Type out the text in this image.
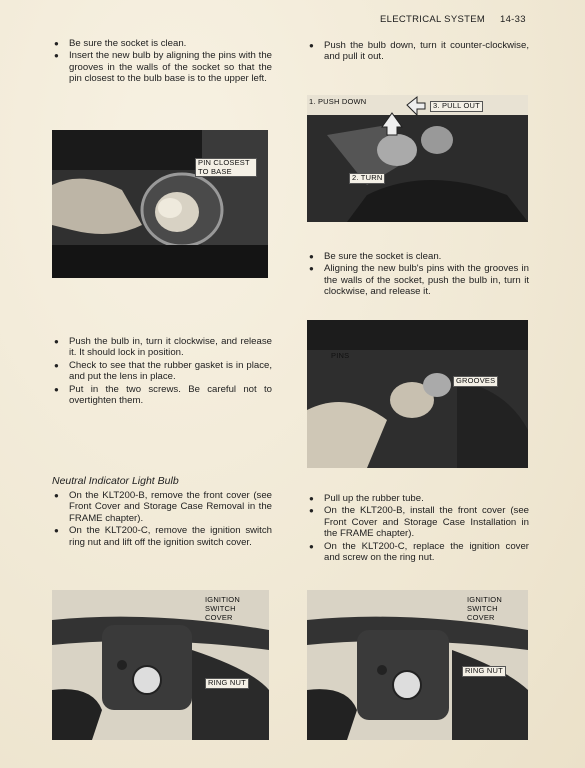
ELECTRICAL SYSTEM 14-33
● Be sure the socket is clean.
● Insert the new bulb by aligning the pins with the grooves in the walls of the socket so that the pin closest to the bulb base is to the upper left.
● Push the bulb down, turn it counter-clockwise, and pull it out.
PIN CLOSEST TO BASE
1. PUSH DOWN	3. PULL OUT
2. TURN
● Be sure the socket is clean.
● Aligning the new bulb's pins with the grooves in the walls of the socket, push the bulb in, turn it clockwise, and release it.
● Push the bulb in, turn it clockwise, and release it. It should lock in position.
● Check to see that the rubber gasket is in place, and put the lens in place.
● Put in the two screws. Be careful not to overtighten them.
PINS
GROOVES
Neutral Indicator Light Bulb
● On the KLT200-B, remove the front cover (see Front Cover and Storage Case Removal in the FRAME chapter).
● On the KLT200-C, remove the ignition switch ring nut and lift off the ignition switch cover.
● Pull up the rubber tube.
● On the KLT200-B, install the front cover (see Front Cover and Storage Case Installation in the FRAME chapter).
● On the KLT200-C, replace the ignition cover and screw on the ring nut.
IGNITION
SWITCH
COVER
RING NUT
IGNITION
SWITCH
COVER
RING NUT
